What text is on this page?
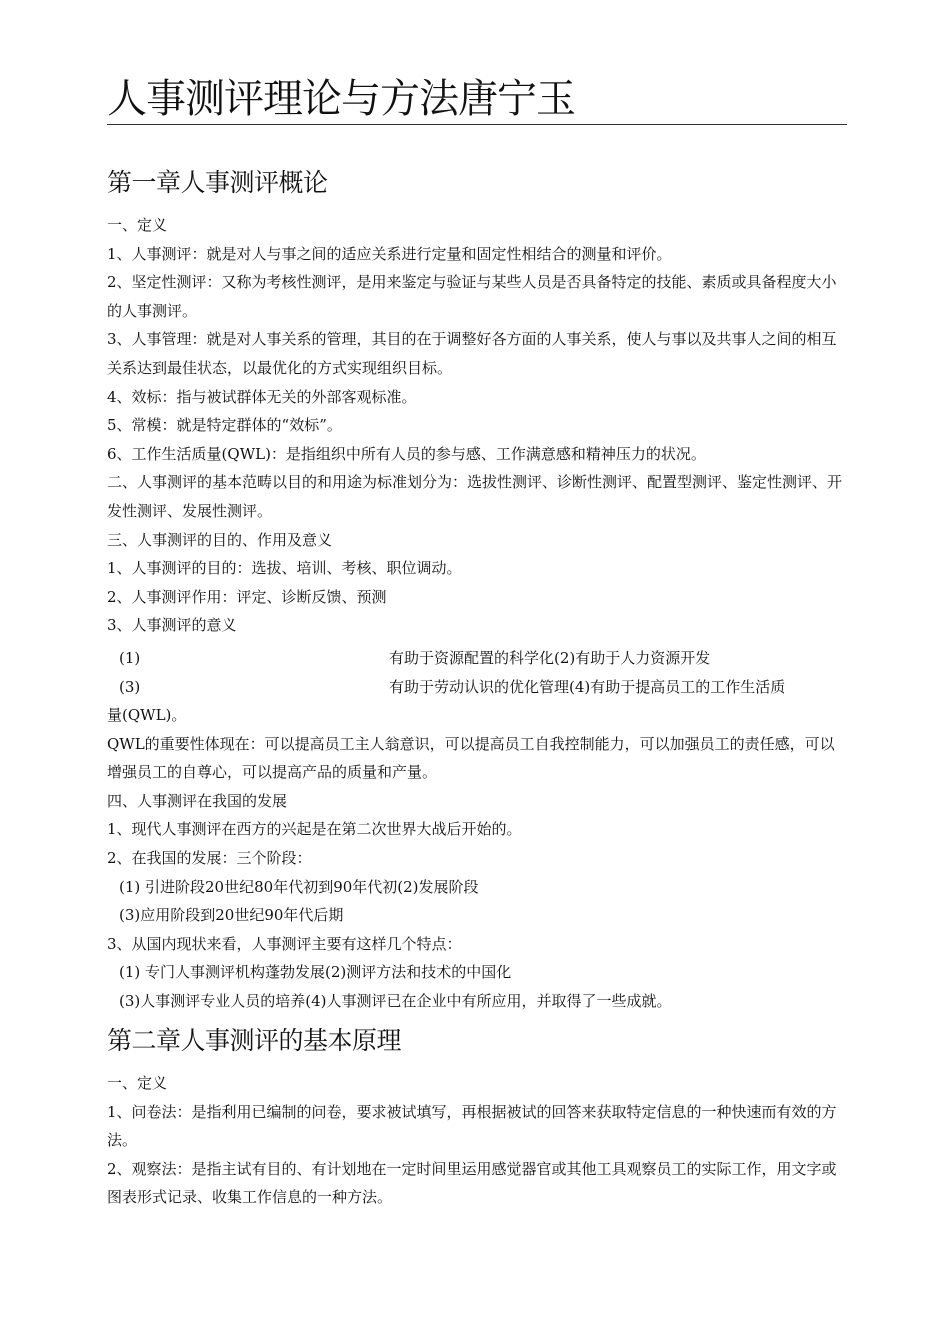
人事测评理论与方法唐宁玉
第一章人事测评概论

一、定义

1、人事测评：就是对人与事之间的适应关系进行定量和固定性相结合的测量和评价。

2、坚定性测评：又称为考核性测评，是用来鉴定与验证与某些人员是否具备特定的技能、素质或具备程度大小的人事测评。

3、人事管理：就是对人事关系的管理，其目的在于调整好各方面的人事关系，使人与事以及共事人之间的相互关系达到最佳状态，以最优化的方式实现组织目标。

4、效标：指与被试群体无关的外部客观标准。

5、常模：就是特定群体的“效标”。

6、工作生活质量(QWL)：是指组织中所有人员的参与感、工作满意感和精神压力的状况。

二、人事测评的基本范畴以目的和用途为标准划分为：选拔性测评、诊断性测评、配置型测评、鉴定性测评、开发性测评、发展性测评。

三、人事测评的目的、作用及意义

1、人事测评的目的：选拔、培训、考核、职位调动。

2、人事测评作用：评定、诊断反馈、预测

3、人事测评的意义

(1)	有助于资源配置的科学化(2)有助于人力资源开发
(3)	有助于劳动认识的优化管理(4)有助于提高员工的工作生活质

量(QWL)。

QWL的重要性体现在：可以提高员工主人翁意识，可以提高员工自我控制能力，可以加强员工的责任感，可以增强员工的自尊心，可以提高产品的质量和产量。

四、人事测评在我国的发展

1、现代人事测评在西方的兴起是在第二次世界大战后开始的。

2、在我国的发展：三个阶段：

(1) 引进阶段20世纪80年代初到90年代初(2)发展阶段

(3)应用阶段到20世纪90年代后期

3、从国内现状来看，人事测评主要有这样几个特点：

(1) 专门人事测评机构蓬勃发展(2)测评方法和技术的中国化

(3)人事测评专业人员的培养(4)人事测评已在企业中有所应用，并取得了一些成就。

第二章人事测评的基本原理

一、定义

1、问卷法：是指利用已编制的问卷，要求被试填写，再根据被试的回答来获取特定信息的一种快速而有效的方法。

2、观察法：是指主试有目的、有计划地在一定时间里运用感觉器官或其他工具观察员工的实际工作，用文字或图表形式记录、收集工作信息的一种方法。
